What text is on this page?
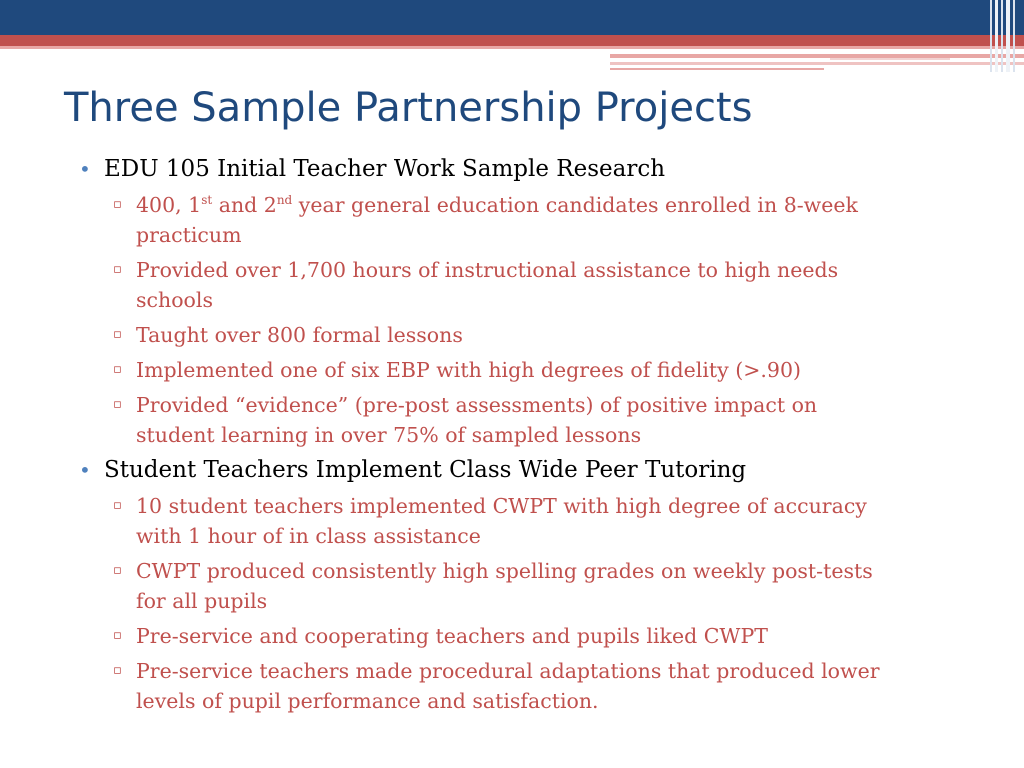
Three Sample Partnership Projects
• EDU 105 Initial Teacher Work Sample Research
▫ 400, 1st and 2nd year general education candidates enrolled in 8-week practicum
▫ Provided over 1,700 hours of instructional assistance to high needs schools
▫ Taught over 800 formal lessons
▫ Implemented one of six EBP with high degrees of fidelity (>.90)
▫ Provided “evidence” (pre-post assessments) of positive impact on student learning in over 75% of sampled lessons
• Student Teachers Implement Class Wide Peer Tutoring
▫ 10 student teachers implemented CWPT with high degree of accuracy with 1 hour of in class assistance
▫ CWPT produced consistently high spelling grades on weekly post-tests for all pupils
▫ Pre-service and cooperating teachers and pupils liked CWPT
▫ Pre-service teachers made procedural adaptations that produced lower levels of pupil performance and satisfaction.
